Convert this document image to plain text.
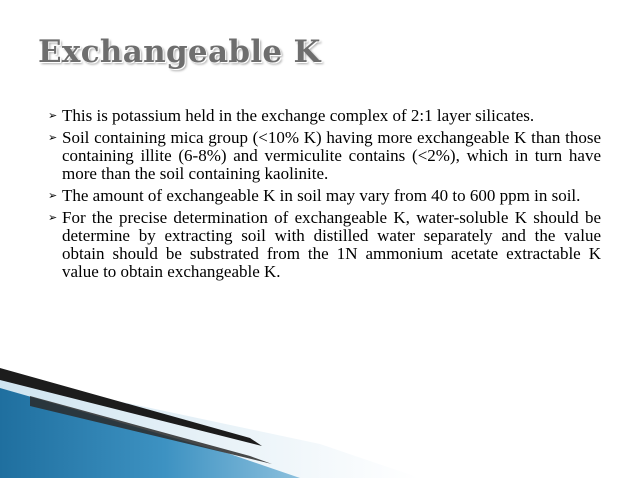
Exchangeable K
➢ This is potassium held in the exchange complex of 2:1 layer silicates.
➢ Soil containing mica group (<10% K) having more exchangeable K than those containing illite (6-8%) and vermiculite contains (<2%), which in turn have more than the soil containing kaolinite.
➢ The amount of exchangeable K in soil may vary from 40 to 600 ppm in soil.
➢ For the precise determination of exchangeable K, water-soluble K should be determine by extracting soil with distilled water separately and the value obtain should be substrated from the 1N ammonium acetate extractable K value to obtain exchangeable K.
